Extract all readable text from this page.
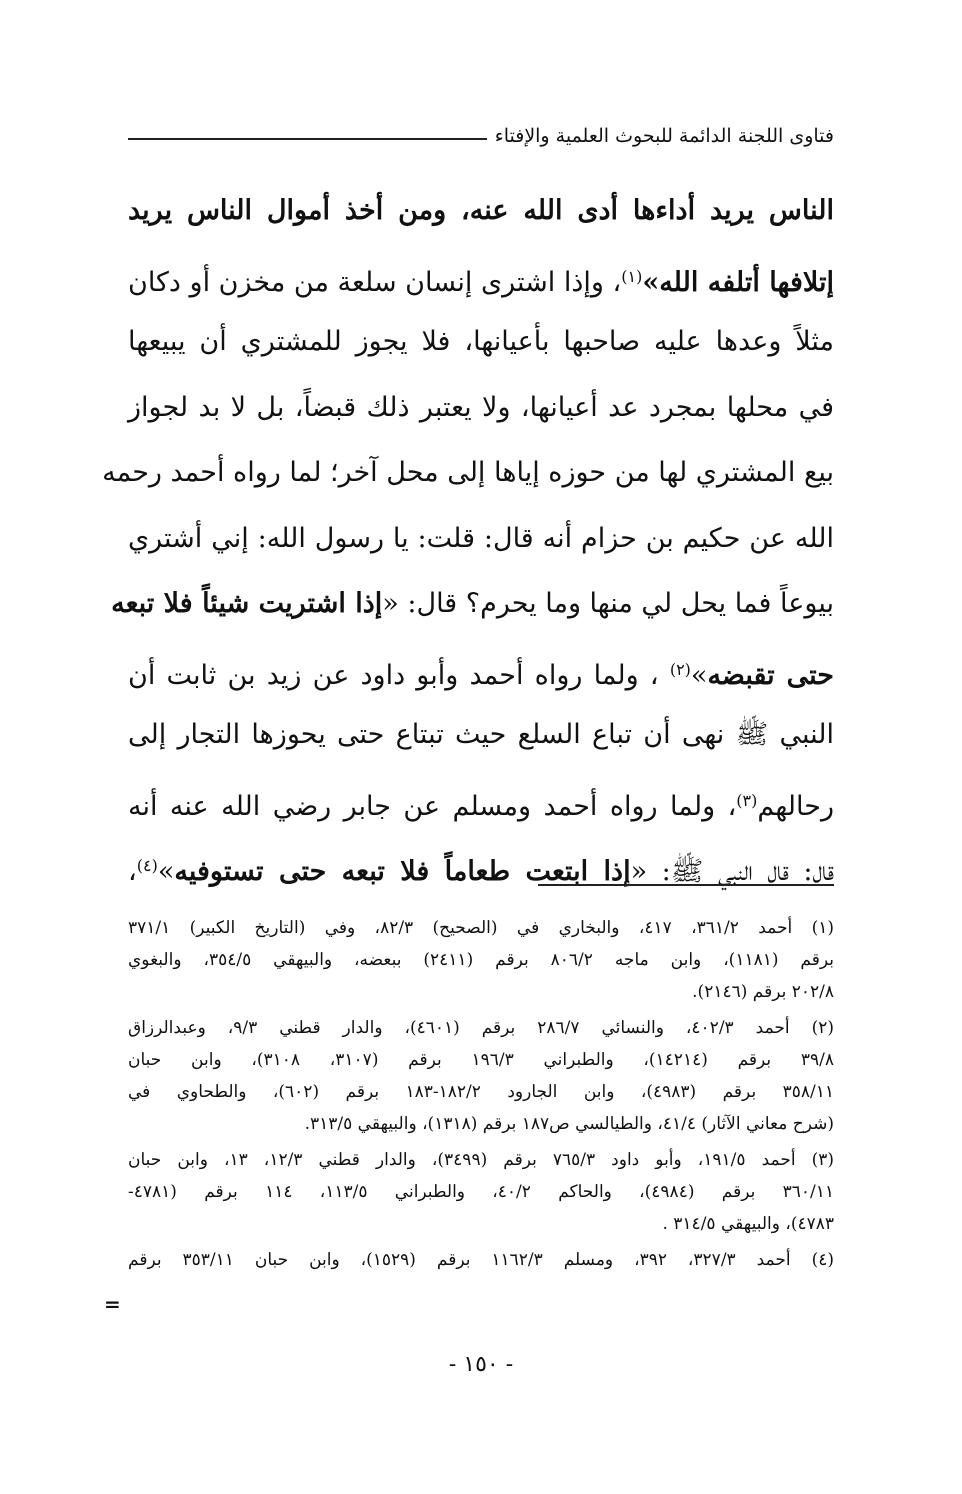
فتاوى اللجنة الدائمة للبحوث العلمية والإفتاء
الناس يريد أداءها أدى الله عنه، ومن أخذ أموال الناس يريد
إتلافها أتلفه الله»$^{(١)}$، وإذا اشترى إنسان سلعة من مخزن أو دكان
مثلاً وعدها عليه صاحبها بأعيانها، فلا يجوز للمشتري أن يبيعها
في محلها بمجرد عد أعيانها، ولا يعتبر ذلك قبضاً، بل لا بد لجواز
بيع المشتري لها من حوزه إياها إلى محل آخر؛ لما رواه أحمد رحمه
الله عن حكيم بن حزام أنه قال: قلت: يا رسول الله: إني أشتري
بيوعاً فما يحل لي منها وما يحرم؟ قال: «إذا اشتريت شيئاً فلا تبعه
حتى تقبضه»$^{(٢)}$ ، ولما رواه أحمد وأبو داود عن زيد بن ثابت أن
النبي ﷺ نهى أن تباع السلع حيث تبتاع حتى يحوزها التجار إلى
رحالهم$^{(٣)}$، ولما رواه أحمد ومسلم عن جابر رضي الله عنه أنه
قال: قال النبي ﷺ: «إذا ابتعت طعاماً فلا تبعه حتى تستوفيه»$^{(٤)}$،
(١) أحمد ٣٦١/٢، ٤١٧، والبخاري في (الصحيح) ٨٢/٣، وفي (التاريخ الكبير) ٣٧١/١
برقم (١١٨١)، وابن ماجه ٨٠٦/٢ برقم (٢٤١١) ببعضه، والبيهقي ٣٥٤/٥، والبغوي
٢٠٢/٨ برقم (٢١٤٦).
(٢) أحمد ٤٠٢/٣، والنسائي ٢٨٦/٧ برقم (٤٦٠١)، والدار قطني ٩/٣، وعبدالرزاق
٣٩/٨ برقم (١٤٢١٤)، والطبراني ١٩٦/٣ برقم (٣١٠٧، ٣١٠٨)، وابن حبان
٣٥٨/١١ برقم (٤٩٨٣)، وابن الجارود ١٨٢/٢-١٨٣ برقم (٦٠٢)، والطحاوي في
(شرح معاني الآثار) ٤١/٤، والطيالسي ص١٨٧ برقم (١٣١٨)، والبيهقي ٣١٣/٥.
(٣) أحمد ١٩١/٥، وأبو داود ٧٦٥/٣ برقم (٣٤٩٩)، والدار قطني ١٢/٣، ١٣، وابن حبان
٣٦٠/١١ برقم (٤٩٨٤)، والحاكم ٤٠/٢، والطبراني ١١٣/٥، ١١٤ برقم (٤٧٨١-
٤٧٨٣)، والبيهقي ٣١٤/٥ .
(٤) أحمد ٣٢٧/٣، ٣٩٢، ومسلم ١١٦٢/٣ برقم (١٥٢٩)، وابن حبان ٣٥٣/١١ برقم
=
- ١٥٠ -
